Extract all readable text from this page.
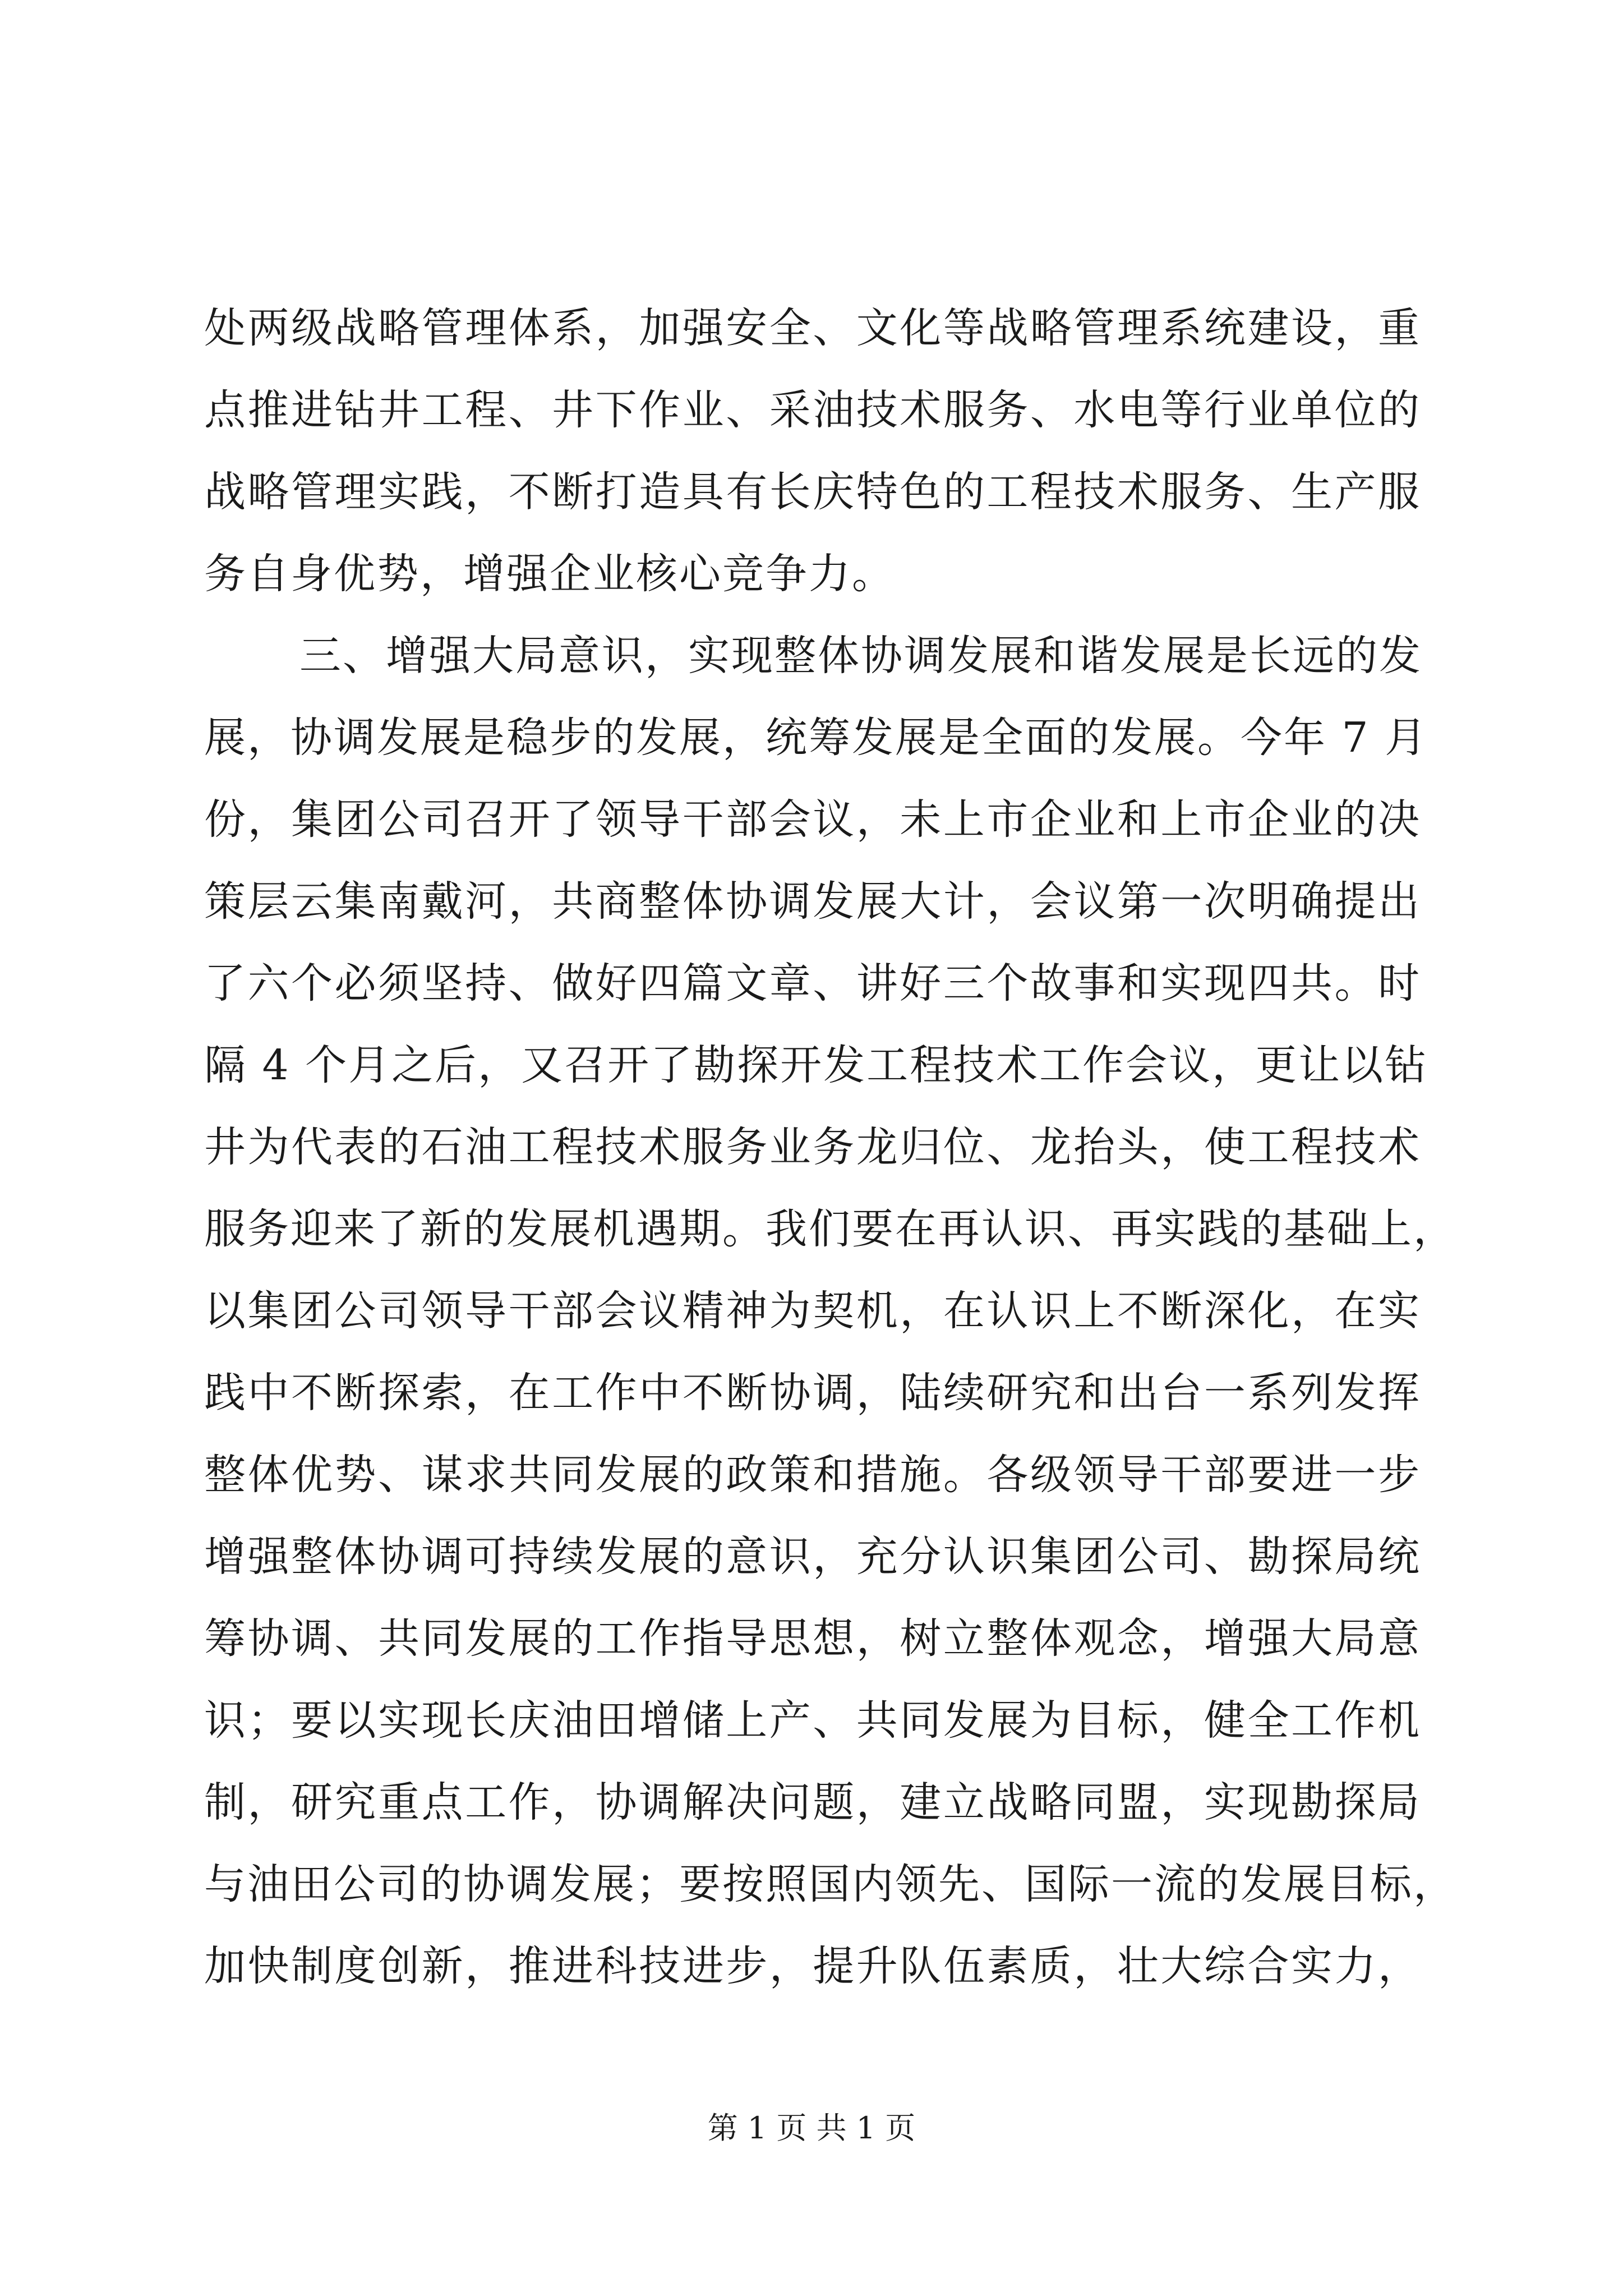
处两级战略管理体系，加强安全、文化等战略管理系统建设，重
点推进钻井工程、井下作业、采油技术服务、水电等行业单位的
战略管理实践，不断打造具有长庆特色的工程技术服务、生产服
务自身优势，增强企业核心竞争力。
三、增强大局意识，实现整体协调发展和谐发展是长远的发
展，协调发展是稳步的发展，统筹发展是全面的发展。今年 7 月
份，集团公司召开了领导干部会议，未上市企业和上市企业的决
策层云集南戴河，共商整体协调发展大计，会议第一次明确提出
了六个必须坚持、做好四篇文章、讲好三个故事和实现四共。时
隔 4 个月之后，又召开了勘探开发工程技术工作会议，更让以钻
井为代表的石油工程技术服务业务龙归位、龙抬头，使工程技术
服务迎来了新的发展机遇期。我们要在再认识、再实践的基础上，
以集团公司领导干部会议精神为契机，在认识上不断深化，在实
践中不断探索，在工作中不断协调，陆续研究和出台一系列发挥
整体优势、谋求共同发展的政策和措施。各级领导干部要进一步
增强整体协调可持续发展的意识，充分认识集团公司、勘探局统
筹协调、共同发展的工作指导思想，树立整体观念，增强大局意
识；要以实现长庆油田增储上产、共同发展为目标，健全工作机
制，研究重点工作，协调解决问题，建立战略同盟，实现勘探局
与油田公司的协调发展；要按照国内领先、国际一流的发展目标，
加快制度创新，推进科技进步，提升队伍素质，壮大综合实力，
第 1 页 共 1 页
